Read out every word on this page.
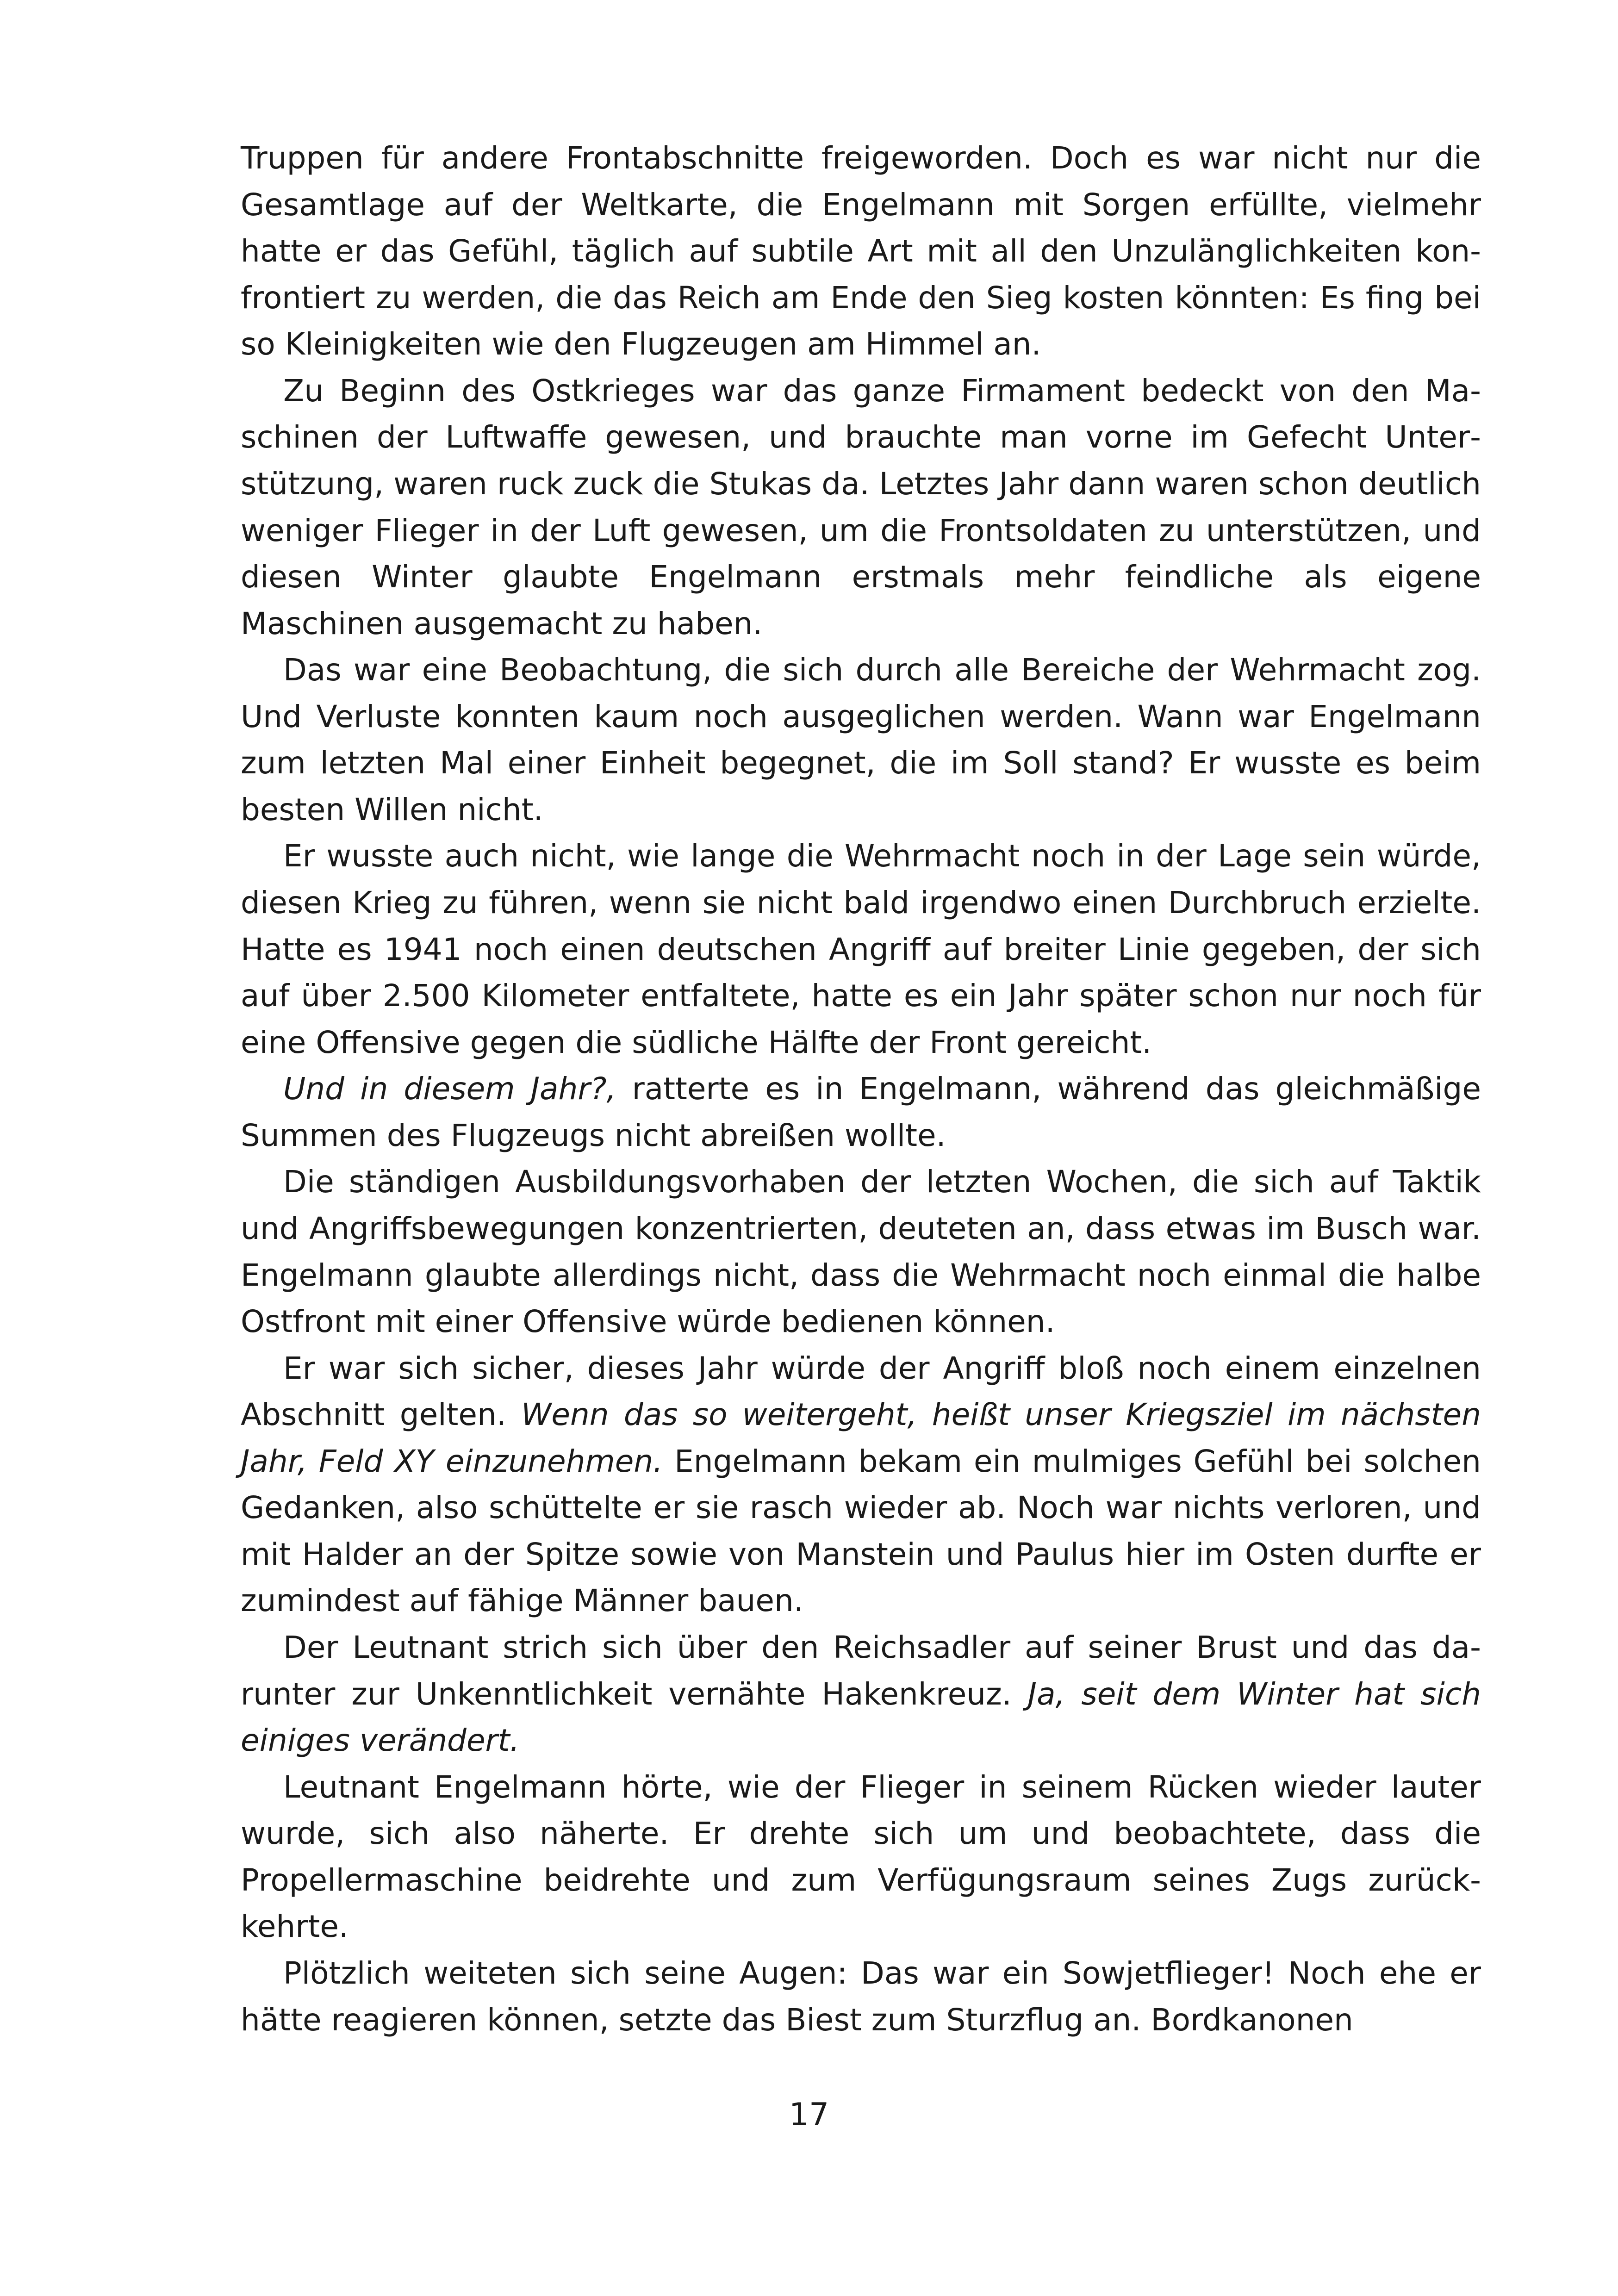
Truppen für andere Frontabschnitte freigeworden. Doch es war nicht nur die Gesamtlage auf der Weltkarte, die Engelmann mit Sorgen erfüllte, vielmehr hatte er das Gefühl, täglich auf subtile Art mit all den Unzulänglichkeiten konfrontiert zu werden, die das Reich am Ende den Sieg kosten könnten: Es fing bei so Kleinigkeiten wie den Flugzeugen am Himmel an.

Zu Beginn des Ostkrieges war das ganze Firmament bedeckt von den Maschinen der Luftwaffe gewesen, und brauchte man vorne im Gefecht Unterstützung, waren ruck zuck die Stukas da. Letztes Jahr dann waren schon deutlich weniger Flieger in der Luft gewesen, um die Frontsoldaten zu unterstützen, und diesen Winter glaubte Engelmann erstmals mehr feindliche als eigene Maschinen ausgemacht zu haben.

Das war eine Beobachtung, die sich durch alle Bereiche der Wehrmacht zog. Und Verluste konnten kaum noch ausgeglichen werden. Wann war Engelmann zum letzten Mal einer Einheit begegnet, die im Soll stand? Er wusste es beim besten Willen nicht.

Er wusste auch nicht, wie lange die Wehrmacht noch in der Lage sein würde, diesen Krieg zu führen, wenn sie nicht bald irgendwo einen Durchbruch erzielte. Hatte es 1941 noch einen deutschen Angriff auf breiter Linie gegeben, der sich auf über 2.500 Kilometer entfaltete, hatte es ein Jahr später schon nur noch für eine Offensive gegen die südliche Hälfte der Front gereicht.

Und in diesem Jahr?, ratterte es in Engelmann, während das gleichmäßige Summen des Flugzeugs nicht abreißen wollte.

Die ständigen Ausbildungsvorhaben der letzten Wochen, die sich auf Taktik und Angriffsbewegungen konzentrierten, deuteten an, dass etwas im Busch war. Engelmann glaubte allerdings nicht, dass die Wehrmacht noch einmal die halbe Ostfront mit einer Offensive würde bedienen können.

Er war sich sicher, dieses Jahr würde der Angriff bloß noch einem einzelnen Abschnitt gelten. Wenn das so weitergeht, heißt unser Kriegsziel im nächsten Jahr, Feld XY einzunehmen. Engelmann bekam ein mulmiges Gefühl bei solchen Gedanken, also schüttelte er sie rasch wieder ab. Noch war nichts verloren, und mit Halder an der Spitze sowie von Manstein und Paulus hier im Osten durfte er zumindest auf fähige Männer bauen.

Der Leutnant strich sich über den Reichsadler auf seiner Brust und das darunter zur Unkenntlichkeit vernähte Hakenkreuz. Ja, seit dem Winter hat sich einiges verändert.

Leutnant Engelmann hörte, wie der Flieger in seinem Rücken wieder lauter wurde, sich also näherte. Er drehte sich um und beobachtete, dass die Propellermaschine beidrehte und zum Verfügungsraum seines Zugs zurückkehrte.

Plötzlich weiteten sich seine Augen: Das war ein Sowjetflieger! Noch ehe er hätte reagieren können, setzte das Biest zum Sturzflug an. Bordkanonen

17
